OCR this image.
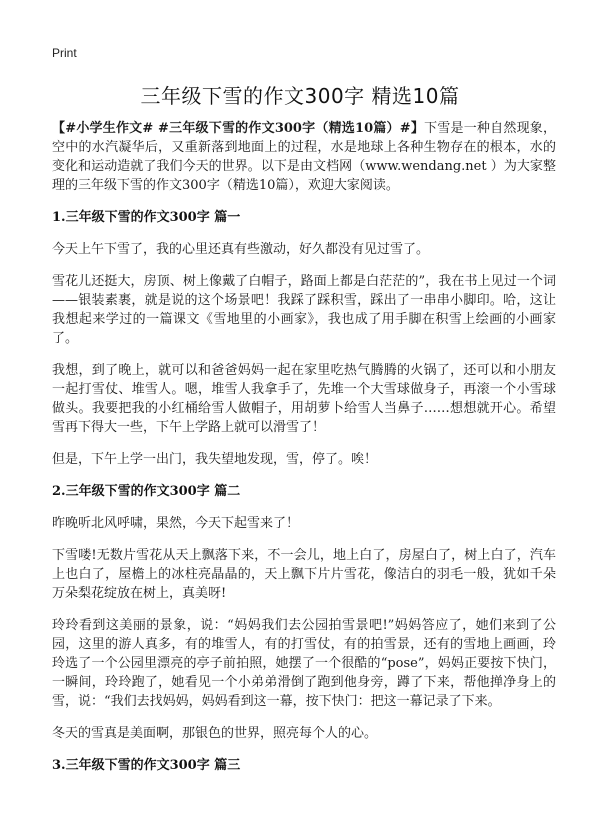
Print
三年级下雪的作文300字 精选10篇

【#小学生作文# #三年级下雪的作文300字（精选10篇）#】下雪是一种自然现象，空中的水汽凝华后，又重新落到地面上的过程，水是地球上各种生物存在的根本，水的变化和运动造就了我们今天的世界。以下是由文档网（www.wendang.net ）为大家整理的三年级下雪的作文300字（精选10篇），欢迎大家阅读。

1.三年级下雪的作文300字 篇一

今天上午下雪了，我的心里还真有些激动，好久都没有见过雪了。

雪花儿还挺大，房顶、树上像戴了白帽子，路面上都是白茫茫的”，我在书上见过一个词——银装素裹，就是说的这个场景吧！我踩了踩积雪，踩出了一串串小脚印。哈，这让我想起来学过的一篇课文《雪地里的小画家》，我也成了用手脚在积雪上绘画的小画家了。

我想，到了晚上，就可以和爸爸妈妈一起在家里吃热气腾腾的火锅了，还可以和小朋友一起打雪仗、堆雪人。嗯，堆雪人我拿手了，先堆一个大雪球做身子，再滚一个小雪球做头。我要把我的小红桶给雪人做帽子，用胡萝卜给雪人当鼻子……想想就开心。希望雪再下得大一些，下午上学路上就可以滑雪了！

但是，下午上学一出门，我失望地发现，雪，停了。唉！

2.三年级下雪的作文300字 篇二

昨晚听北风呼啸，果然，今天下起雪来了！

下雪喽!无数片雪花从天上飘落下来，不一会儿，地上白了，房屋白了，树上白了，汽车上也白了，屋檐上的冰柱亮晶晶的，天上飘下片片雪花，像洁白的羽毛一般，犹如千朵万朵梨花绽放在树上，真美呀!

玲玲看到这美丽的景象，说：“妈妈我们去公园拍雪景吧!”妈妈答应了，她们来到了公园，这里的游人真多，有的堆雪人，有的打雪仗，有的拍雪景，还有的雪地上画画，玲玲选了一个公园里漂亮的亭子前拍照，她摆了一个很酷的“pose”，妈妈正要按下快门，一瞬间，玲玲跑了，她看见一个小弟弟滑倒了跑到他身旁，蹲了下来，帮他掸净身上的雪，说：“我们去找妈妈，妈妈看到这一幕，按下快门：把这一幕记录了下来。

冬天的雪真是美面啊，那银色的世界，照亮每个人的心。

3.三年级下雪的作文300字 篇三
